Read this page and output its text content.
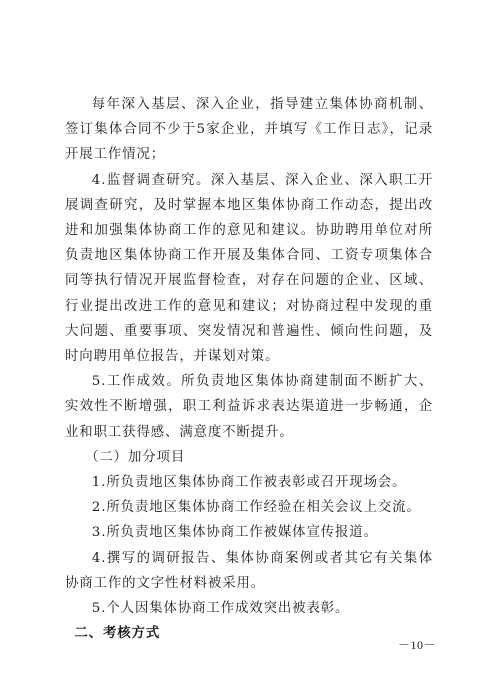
每年深入基层、深入企业，指导建立集体协商机制、签订集体合同不少于5家企业，并填写《工作日志》，记录开展工作情况；

4.监督调查研究。深入基层、深入企业、深入职工开展调查研究，及时掌握本地区集体协商工作动态，提出改进和加强集体协商工作的意见和建议。协助聘用单位对所负责地区集体协商工作开展及集体合同、工资专项集体合同等执行情况开展监督检查，对存在问题的企业、区域、行业提出改进工作的意见和建议；对协商过程中发现的重大问题、重要事项、突发情况和普遍性、倾向性问题，及时向聘用单位报告，并谋划对策。

5.工作成效。所负责地区集体协商建制面不断扩大、实效性不断增强，职工利益诉求表达渠道进一步畅通，企业和职工获得感、满意度不断提升。

（二）加分项目

1.所负责地区集体协商工作被表彰或召开现场会。

2.所负责地区集体协商工作经验在相关会议上交流。

3.所负责地区集体协商工作被媒体宣传报道。

4.撰写的调研报告、集体协商案例或者其它有关集体协商工作的文字性材料被采用。

5.个人因集体协商工作成效突出被表彰。

二、考核方式

－10－
